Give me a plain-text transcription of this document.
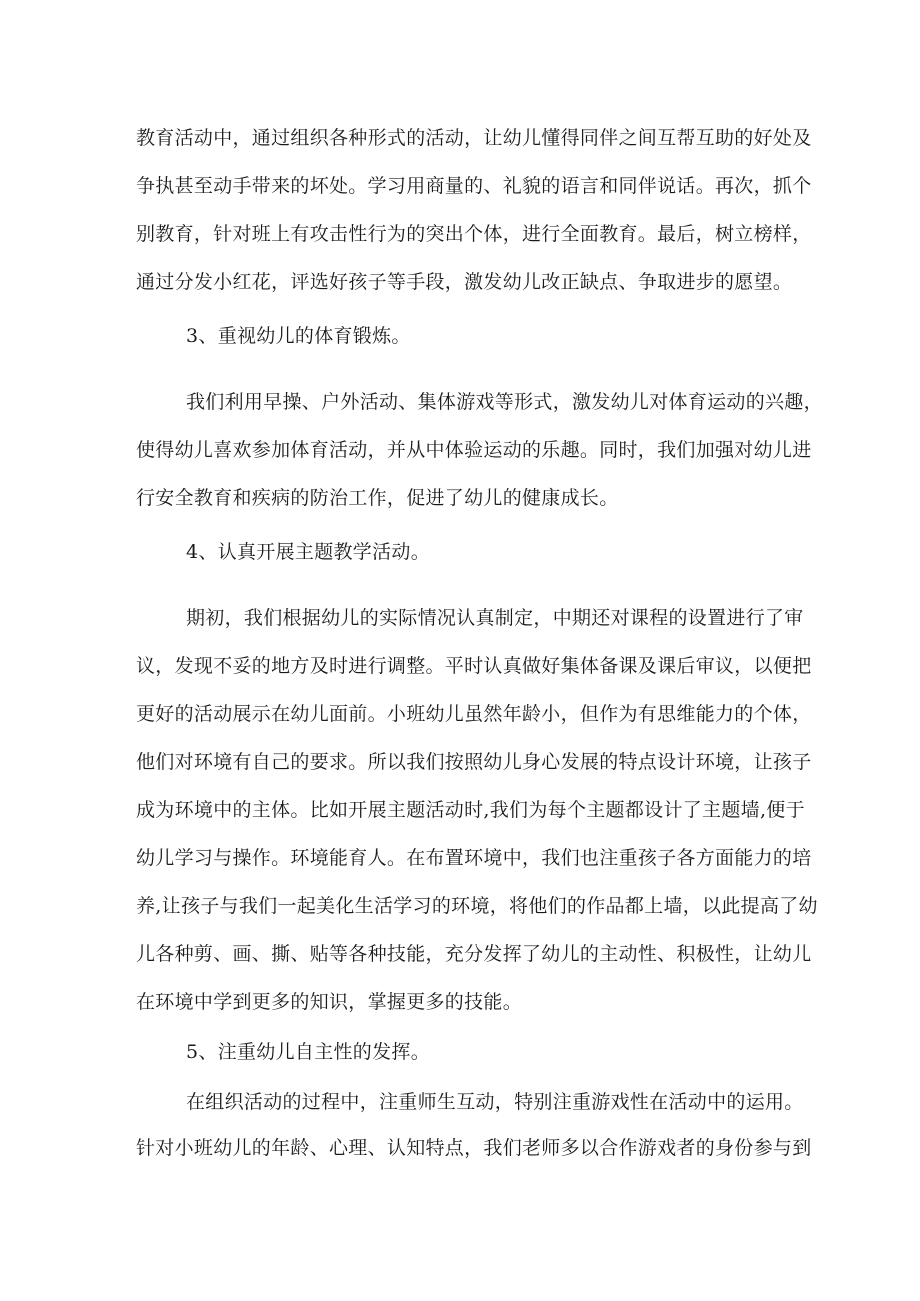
教育活动中，通过组织各种形式的活动，让幼儿懂得同伴之间互帮互助的好处及
争执甚至动手带来的坏处。学习用商量的、礼貌的语言和同伴说话。再次，抓个
别教育，针对班上有攻击性行为的突出个体，进行全面教育。最后，树立榜样，
通过分发小红花，评选好孩子等手段，激发幼儿改正缺点、争取进步的愿望。
3、重视幼儿的体育锻炼。
我们利用早操、户外活动、集体游戏等形式，激发幼儿对体育运动的兴趣，
使得幼儿喜欢参加体育活动，并从中体验运动的乐趣。同时，我们加强对幼儿进
行安全教育和疾病的防治工作，促进了幼儿的健康成长。
4、认真开展主题教学活动。
期初，我们根据幼儿的实际情况认真制定，中期还对课程的设置进行了审
议，发现不妥的地方及时进行调整。平时认真做好集体备课及课后审议，以便把
更好的活动展示在幼儿面前。小班幼儿虽然年龄小，但作为有思维能力的个体，
他们对环境有自己的要求。所以我们按照幼儿身心发展的特点设计环境，让孩子
成为环境中的主体。比如开展主题活动时,我们为每个主题都设计了主题墙,便于
幼儿学习与操作。环境能育人。在布置环境中，我们也注重孩子各方面能力的培
养,让孩子与我们一起美化生活学习的环境，将他们的作品都上墙，以此提高了幼
儿各种剪、画、撕、贴等各种技能，充分发挥了幼儿的主动性、积极性，让幼儿
在环境中学到更多的知识，掌握更多的技能。
5、注重幼儿自主性的发挥。
在组织活动的过程中，注重师生互动，特别注重游戏性在活动中的运用。
针对小班幼儿的年龄、心理、认知特点，我们老师多以合作游戏者的身份参与到
